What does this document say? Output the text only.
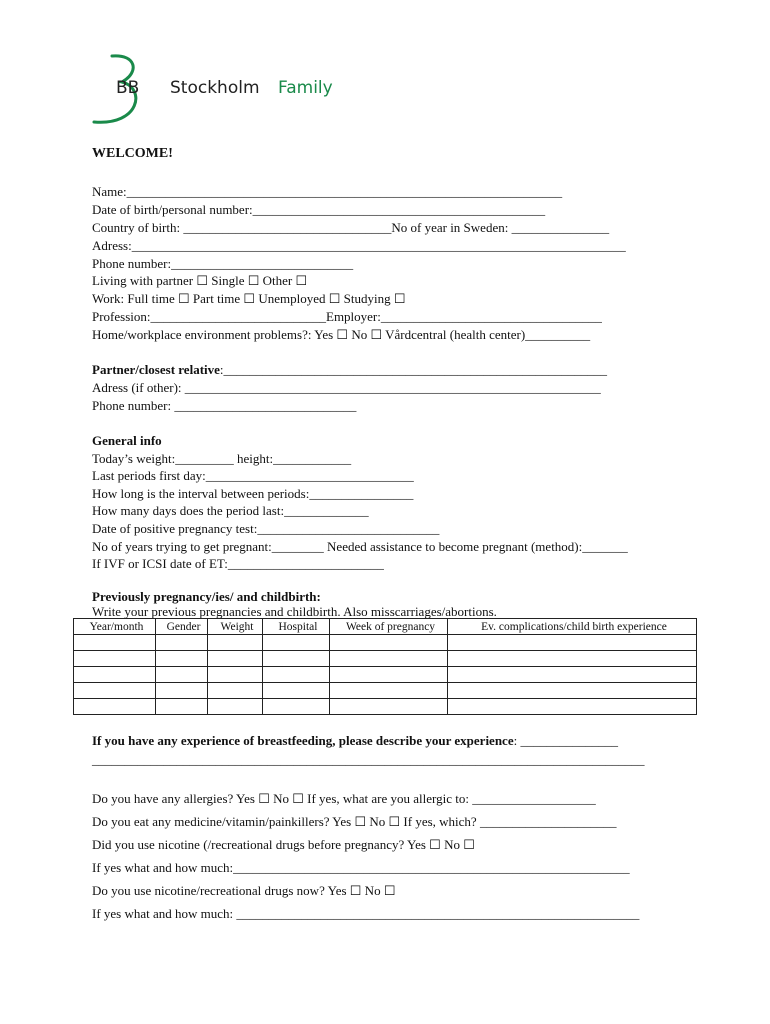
BB Stockholm Family
WELCOME!
Name:___________________________________________________________________
Date of birth/personal number:_____________________________________________
Country of birth: ________________________________No of year in Sweden: _______________
Adress:____________________________________________________________________________
Phone number:____________________________
Living with partner ☐ Single ☐ Other ☐
Work: Full time ☐ Part time ☐ Unemployed ☐ Studying ☐
Profession:___________________________Employer:__________________________________
Home/workplace environment problems?: Yes ☐ No ☐ Vårdcentral (health center)__________
Partner/closest relative:___________________________________________________________
Adress (if other): ________________________________________________________________
Phone number: ____________________________
General info
Today’s weight:_________ height:____________
Last periods first day:________________________________
How long is the interval between periods:________________
How many days does the period last:_____________
Date of positive pregnancy test:____________________________
No of years trying to get pregnant:________ Needed assistance to become pregnant (method):_______
If IVF or ICSI date of ET:________________________
Previously pregnancy/ies/ and childbirth:
Write your previous pregnancies and childbirth. Also misscarriages/abortions.
Year/month	Gender	Weight	Hospital	Week of pregnancy	Ev. complications/child birth experience

If you have any experience of breastfeeding, please describe your experience: _______________
_____________________________________________________________________________________
Do you have any allergies? Yes ☐ No ☐ If yes, what are you allergic to: ___________________
Do you eat any medicine/vitamin/painkillers? Yes ☐ No ☐ If yes, which? _____________________
Did you use nicotine (/recreational drugs before pregnancy? Yes ☐ No ☐
If yes what and how much:_____________________________________________________________
Do you use nicotine/recreational drugs now? Yes ☐ No ☐
If yes what and how much: ______________________________________________________________
